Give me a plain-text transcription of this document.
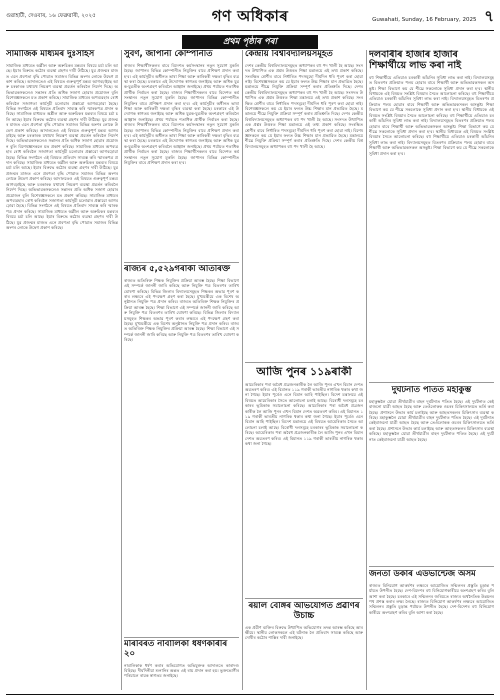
গুৱাহাটী, দেওবাৰ, ১৬ ফেব্ৰুৱাৰী, ২০২৫	গণ অধিকাৰ	Guwahati, Sunday, 16 February, 2025 ৭
প্ৰথম পৃষ্ঠাৰ পৰা
সামাজিক মাধ্যমৰ দুঃসাহস

সামাজিক মাধ্যমত অশ্লীল আৰু অৰুচিকৰ মন্তব্যৰ বিষয়ে চৰ্চা চলি আছে। ইয়াৰ বিৰুদ্ধে কঠোৰ ব্যৱস্থা গ্ৰহণৰ দাবী উঠিছে। যুৱ প্ৰজন্মৰ মাজত এনে প্ৰবণতা বৃদ্ধি পোৱাত সমাজৰ বিভিন্ন অংশৰ লোকে উদ্বেগ প্ৰকাশ কৰিছে। আদালতেও এই বিষয়ত গুৰুত্বপূৰ্ণ মন্তব্য আগবঢ়াইছে আৰু চৰকাৰক যথাযথ নিয়ন্ত্ৰণ ব্যৱস্থা প্ৰৱৰ্তন কৰিবলৈ নিৰ্দেশ দিছে। অভিভাৱকসকলেও সন্তানৰ প্ৰতি অধিক সজাগ হোৱাৰ প্ৰয়োজন বুলি বিশেষজ্ঞসকলে মত প্ৰকাশ কৰিছে। সামাজিক মাধ্যমৰ অপব্যৱহাৰ ৰোধ কৰিবলৈ সজাগতা কাৰ্যসূচী চলোৱাৰ প্ৰস্তাৱো আগবঢ়োৱা হৈছে। বিভিন্ন সংগঠনে এই বিষয়ত প্ৰতিবাদ সাব্যস্ত কৰি স্মাৰকপত্ৰ প্ৰদান কৰিছে। সামাজিক মাধ্যমত অশ্লীল আৰু অৰুচিকৰ মন্তব্যৰ বিষয়ে চৰ্চা চলি আছে। ইয়াৰ বিৰুদ্ধে কঠোৰ ব্যৱস্থা গ্ৰহণৰ দাবী উঠিছে। যুৱ প্ৰজন্মৰ মাজত এনে প্ৰবণতা বৃদ্ধি পোৱাত সমাজৰ বিভিন্ন অংশৰ লোকে উদ্বেগ প্ৰকাশ কৰিছে। আদালতেও এই বিষয়ত গুৰুত্বপূৰ্ণ মন্তব্য আগবঢ়াইছে আৰু চৰকাৰক যথাযথ নিয়ন্ত্ৰণ ব্যৱস্থা প্ৰৱৰ্তন কৰিবলৈ নিৰ্দেশ দিছে। অভিভাৱকসকলেও সন্তানৰ প্ৰতি অধিক সজাগ হোৱাৰ প্ৰয়োজন বুলি বিশেষজ্ঞসকলে মত প্ৰকাশ কৰিছে। সামাজিক মাধ্যমৰ অপব্যৱহাৰ ৰোধ কৰিবলৈ সজাগতা কাৰ্যসূচী চলোৱাৰ প্ৰস্তাৱো আগবঢ়োৱা হৈছে। বিভিন্ন সংগঠনে এই বিষয়ত প্ৰতিবাদ সাব্যস্ত কৰি স্মাৰকপত্ৰ প্ৰদান কৰিছে। সামাজিক মাধ্যমত অশ্লীল আৰু অৰুচিকৰ মন্তব্যৰ বিষয়ে চৰ্চা চলি আছে। ইয়াৰ বিৰুদ্ধে কঠোৰ ব্যৱস্থা গ্ৰহণৰ দাবী উঠিছে। যুৱ প্ৰজন্মৰ মাজত এনে প্ৰবণতা বৃদ্ধি পোৱাত সমাজৰ বিভিন্ন অংশৰ লোকে উদ্বেগ প্ৰকাশ কৰিছে। আদালতেও এই বিষয়ত গুৰুত্বপূৰ্ণ মন্তব্য আগবঢ়াইছে আৰু চৰকাৰক যথাযথ নিয়ন্ত্ৰণ ব্যৱস্থা প্ৰৱৰ্তন কৰিবলৈ নিৰ্দেশ দিছে। অভিভাৱকসকলেও সন্তানৰ প্ৰতি অধিক সজাগ হোৱাৰ প্ৰয়োজন বুলি বিশেষজ্ঞসকলে মত প্ৰকাশ কৰিছে। সামাজিক মাধ্যমৰ অপব্যৱহাৰ ৰোধ কৰিবলৈ সজাগতা কাৰ্যসূচী চলোৱাৰ প্ৰস্তাৱো আগবঢ়োৱা হৈছে। বিভিন্ন সংগঠনে এই বিষয়ত প্ৰতিবাদ সাব্যস্ত কৰি স্মাৰকপত্ৰ প্ৰদান কৰিছে। সামাজিক মাধ্যমত অশ্লীল আৰু অৰুচিকৰ মন্তব্যৰ বিষয়ে চৰ্চা চলি আছে। ইয়াৰ বিৰুদ্ধে কঠোৰ ব্যৱস্থা গ্ৰহণৰ দাবী উঠিছে। যুৱ প্ৰজন্মৰ মাজত এনে প্ৰবণতা বৃদ্ধি পোৱাত সমাজৰ বিভিন্ন অংশৰ লোকে উদ্বেগ প্ৰকাশ কৰিছে।

সুবৰ্ণ, জাপানী কোম্পানীত

ৰাজ্যৰ শিক্ষাৰ্থীসকলৰ বাবে বিদেশত কৰ্মসংস্থানৰ নতুন সুযোগ মুকলি হৈছে। জাপানৰ বিভিন্ন কোম্পানীত নিযুক্তিৰ বাবে প্ৰশিক্ষণ প্ৰদান কৰা হ'ব। এই কাৰ্যসূচীৰ অধীনত ভাষা শিক্ষা আৰু কাৰিকৰী দক্ষতা বৃদ্ধিৰ ব্যৱস্থা কৰা হৈছে। চৰকাৰে এই উদ্যোগক স্বাগতম জনাইছে আৰু অধিক যুৱক-যুৱতীক অংশগ্ৰহণ কৰিবলৈ আহ্বান জনাইছে। প্ৰথম পৰ্যায়ত শতাধিক প্ৰাৰ্থীক নিৰ্বাচন কৰা হৈছে। ৰাজ্যৰ শিক্ষাৰ্থীসকলৰ বাবে বিদেশত কৰ্মসংস্থানৰ নতুন সুযোগ মুকলি হৈছে। জাপানৰ বিভিন্ন কোম্পানীত নিযুক্তিৰ বাবে প্ৰশিক্ষণ প্ৰদান কৰা হ'ব। এই কাৰ্যসূচীৰ অধীনত ভাষা শিক্ষা আৰু কাৰিকৰী দক্ষতা বৃদ্ধিৰ ব্যৱস্থা কৰা হৈছে। চৰকাৰে এই উদ্যোগক স্বাগতম জনাইছে আৰু অধিক যুৱক-যুৱতীক অংশগ্ৰহণ কৰিবলৈ আহ্বান জনাইছে। প্ৰথম পৰ্যায়ত শতাধিক প্ৰাৰ্থীক নিৰ্বাচন কৰা হৈছে। ৰাজ্যৰ শিক্ষাৰ্থীসকলৰ বাবে বিদেশত কৰ্মসংস্থানৰ নতুন সুযোগ মুকলি হৈছে। জাপানৰ বিভিন্ন কোম্পানীত নিযুক্তিৰ বাবে প্ৰশিক্ষণ প্ৰদান কৰা হ'ব। এই কাৰ্যসূচীৰ অধীনত ভাষা শিক্ষা আৰু কাৰিকৰী দক্ষতা বৃদ্ধিৰ ব্যৱস্থা কৰা হৈছে। চৰকাৰে এই উদ্যোগক স্বাগতম জনাইছে আৰু অধিক যুৱক-যুৱতীক অংশগ্ৰহণ কৰিবলৈ আহ্বান জনাইছে। প্ৰথম পৰ্যায়ত শতাধিক প্ৰাৰ্থীক নিৰ্বাচন কৰা হৈছে। ৰাজ্যৰ শিক্ষাৰ্থীসকলৰ বাবে বিদেশত কৰ্মসংস্থানৰ নতুন সুযোগ মুকলি হৈছে। জাপানৰ বিভিন্ন কোম্পানীত নিযুক্তিৰ বাবে প্ৰশিক্ষণ প্ৰদান কৰা হ'ব।

ৰাজ্যৰ ৫,৫২৯গৰাকী অতিৰিক্ত

ৰাজ্যত অতিৰিক্ত শিক্ষক নিযুক্তিৰ প্ৰক্ৰিয়া আৰম্ভ হৈছে। শিক্ষা বিভাগে এই সম্পৰ্কে জাননী জাৰি কৰিছে আৰু নিযুক্তি পত্ৰ বিতৰণৰ তাৰিখ ঘোষণা কৰিছে। বিভিন্ন জিলাৰ বিদ্যালয়সমূহত শিক্ষকৰ অভাৱ পূৰণ কৰাৰ লক্ষ্যৰে এই পদক্ষেপ গ্ৰহণ কৰা হৈছে। মুখ্যমন্ত্ৰীয়ে এক বিশেষ অনুষ্ঠানত নিযুক্তি পত্ৰ প্ৰদান কৰিব। ৰাজ্যত অতিৰিক্ত শিক্ষক নিযুক্তিৰ প্ৰক্ৰিয়া আৰম্ভ হৈছে। শিক্ষা বিভাগে এই সম্পৰ্কে জাননী জাৰি কৰিছে আৰু নিযুক্তি পত্ৰ বিতৰণৰ তাৰিখ ঘোষণা কৰিছে। বিভিন্ন জিলাৰ বিদ্যালয়সমূহত শিক্ষকৰ অভাৱ পূৰণ কৰাৰ লক্ষ্যৰে এই পদক্ষেপ গ্ৰহণ কৰা হৈছে। মুখ্যমন্ত্ৰীয়ে এক বিশেষ অনুষ্ঠানত নিযুক্তি পত্ৰ প্ৰদান কৰিব। ৰাজ্যত অতিৰিক্ত শিক্ষক নিযুক্তিৰ প্ৰক্ৰিয়া আৰম্ভ হৈছে। শিক্ষা বিভাগে এই সম্পৰ্কে জাননী জাৰি কৰিছে আৰু নিযুক্তি পত্ৰ বিতৰণৰ তাৰিখ ঘোষণা কৰিছে।

মৰিবিৰত নাবালিকা ধৰ্ষণকাৰীৰ ২০

নাবালিকাক ধৰ্ষণ কৰাৰ অভিযোগত অভিযুক্তক আদালতে কাৰাদণ্ড বিহিছে। দীৰ্ঘদিনীয়া শুনানিৰ অন্তত এই ৰায় প্ৰদান কৰা হয়। ভুক্তভোগীৰ পৰিয়ালে ৰায়ক স্বাগতম জনাইছে।

কেন্দ্ৰীয় বিশ্ববিদ্যালয়সমূহত

দেশৰ কেন্দ্ৰীয় বিশ্ববিদ্যালয়সমূহত অধ্যাপকৰ বহু পদ খালী হৈ আছে। সংসদত উত্থাপিত এক প্ৰশ্নৰ উত্তৰত শিক্ষা মন্ত্ৰালয়ে এই তথ্য প্ৰকাশ কৰিছে। সংৰক্ষিত শ্ৰেণীৰ বাবে নিৰ্ধাৰিত পদসমূহো দীৰ্ঘদিন ধৰি পূৰণ কৰা হোৱা নাই। বিশেষজ্ঞসকলে কয় যে ইয়াৰ ফলত উচ্চ শিক্ষাৰ মান প্ৰভাৱিত হৈছে। মন্ত্ৰালয়ে শীঘ্ৰে নিযুক্তি প্ৰক্ৰিয়া সম্পূৰ্ণ কৰাৰ প্ৰতিশ্ৰুতি দিছে। দেশৰ কেন্দ্ৰীয় বিশ্ববিদ্যালয়সমূহত অধ্যাপকৰ বহু পদ খালী হৈ আছে। সংসদত উত্থাপিত এক প্ৰশ্নৰ উত্তৰত শিক্ষা মন্ত্ৰালয়ে এই তথ্য প্ৰকাশ কৰিছে। সংৰক্ষিত শ্ৰেণীৰ বাবে নিৰ্ধাৰিত পদসমূহো দীৰ্ঘদিন ধৰি পূৰণ কৰা হোৱা নাই। বিশেষজ্ঞসকলে কয় যে ইয়াৰ ফলত উচ্চ শিক্ষাৰ মান প্ৰভাৱিত হৈছে। মন্ত্ৰালয়ে শীঘ্ৰে নিযুক্তি প্ৰক্ৰিয়া সম্পূৰ্ণ কৰাৰ প্ৰতিশ্ৰুতি দিছে। দেশৰ কেন্দ্ৰীয় বিশ্ববিদ্যালয়সমূহত অধ্যাপকৰ বহু পদ খালী হৈ আছে। সংসদত উত্থাপিত এক প্ৰশ্নৰ উত্তৰত শিক্ষা মন্ত্ৰালয়ে এই তথ্য প্ৰকাশ কৰিছে। সংৰক্ষিত শ্ৰেণীৰ বাবে নিৰ্ধাৰিত পদসমূহো দীৰ্ঘদিন ধৰি পূৰণ কৰা হোৱা নাই। বিশেষজ্ঞসকলে কয় যে ইয়াৰ ফলত উচ্চ শিক্ষাৰ মান প্ৰভাৱিত হৈছে। মন্ত্ৰালয়ে শীঘ্ৰে নিযুক্তি প্ৰক্ৰিয়া সম্পূৰ্ণ কৰাৰ প্ৰতিশ্ৰুতি দিছে। দেশৰ কেন্দ্ৰীয় বিশ্ববিদ্যালয়সমূহত অধ্যাপকৰ বহু পদ খালী হৈ আছে।

আজি পুনৰ ১১৯ৰাকী

আমেৰিকাৰ পৰা অবৈধ প্ৰব্ৰজনকাৰীক লৈ আজি পুনৰ এখন বিমান দেশত অৱতৰণ কৰিব। এই বিমানত ১১৯ গৰাকী ভাৰতীয় নাগৰিক থকাৰ কথা জনা গৈছে। ইয়াৰ পূৰ্বেও এনে বিমান আহি পাইছিল। বিদেশ মন্ত্ৰালয়ে এই বিষয়ত আমেৰিকাৰ সৈতে আলোচনা চলাই আছে। বিৰোধী দলসমূহে চৰকাৰৰ ভূমিকাক সমালোচনা কৰিছে। আমেৰিকাৰ পৰা অবৈধ প্ৰব্ৰজনকাৰীক লৈ আজি পুনৰ এখন বিমান দেশত অৱতৰণ কৰিব। এই বিমানত ১১৯ গৰাকী ভাৰতীয় নাগৰিক থকাৰ কথা জনা গৈছে। ইয়াৰ পূৰ্বেও এনে বিমান আহি পাইছিল। বিদেশ মন্ত্ৰালয়ে এই বিষয়ত আমেৰিকাৰ সৈতে আলোচনা চলাই আছে। বিৰোধী দলসমূহে চৰকাৰৰ ভূমিকাক সমালোচনা কৰিছে। আমেৰিকাৰ পৰা অবৈধ প্ৰব্ৰজনকাৰীক লৈ আজি পুনৰ এখন বিমান দেশত অৱতৰণ কৰিব। এই বিমানত ১১৯ গৰাকী ভাৰতীয় নাগৰিক থকাৰ কথা জনা গৈছে।

ৰয়াল বেঙ্গিৰ অভিযোগত প্ৰৱীণৰ উচাচ্চ

এক প্ৰৱীণ ব্যক্তিৰ বিৰুদ্ধে উত্থাপিত অভিযোগৰ তদন্ত আৰম্ভ কৰিছে আৰক্ষীয়ে। স্থানীয় লোকসকলে এই ঘটনাক লৈ প্ৰতিবাদ সাব্যস্ত কৰিছে আৰু দোষীৰ কঠোৰ শাস্তিৰ দাবী জনাইছে।

দলবাৰীৰ হাজাৰ হাজাৰ শিক্ষাৰ্থীয়ে লাভ কৰা নাই

বহু শিক্ষাৰ্থীয়ে এতিয়াও চৰকাৰী আঁচনিৰ সুবিধা লাভ কৰা নাই। বিদ্যালয়সমূহত বিতৰণৰ প্ৰক্ৰিয়াত পলম হোৱাৰ বাবে শিক্ষাৰ্থী আৰু অভিভাৱকসকল অসন্তুষ্ট। শিক্ষা বিভাগে কয় যে শীঘ্ৰে সকলোকে সুবিধা প্ৰদান কৰা হ'ব। স্থানীয় বিধায়কে এই বিষয়ত সংশ্লিষ্ট বিষয়াৰ সৈতে আলোচনা কৰিছে। বহু শিক্ষাৰ্থীয়ে এতিয়াও চৰকাৰী আঁচনিৰ সুবিধা লাভ কৰা নাই। বিদ্যালয়সমূহত বিতৰণৰ প্ৰক্ৰিয়াত পলম হোৱাৰ বাবে শিক্ষাৰ্থী আৰু অভিভাৱকসকল অসন্তুষ্ট। শিক্ষা বিভাগে কয় যে শীঘ্ৰে সকলোকে সুবিধা প্ৰদান কৰা হ'ব। স্থানীয় বিধায়কে এই বিষয়ত সংশ্লিষ্ট বিষয়াৰ সৈতে আলোচনা কৰিছে। বহু শিক্ষাৰ্থীয়ে এতিয়াও চৰকাৰী আঁচনিৰ সুবিধা লাভ কৰা নাই। বিদ্যালয়সমূহত বিতৰণৰ প্ৰক্ৰিয়াত পলম হোৱাৰ বাবে শিক্ষাৰ্থী আৰু অভিভাৱকসকল অসন্তুষ্ট। শিক্ষা বিভাগে কয় যে শীঘ্ৰে সকলোকে সুবিধা প্ৰদান কৰা হ'ব। স্থানীয় বিধায়কে এই বিষয়ত সংশ্লিষ্ট বিষয়াৰ সৈতে আলোচনা কৰিছে। বহু শিক্ষাৰ্থীয়ে এতিয়াও চৰকাৰী আঁচনিৰ সুবিধা লাভ কৰা নাই। বিদ্যালয়সমূহত বিতৰণৰ প্ৰক্ৰিয়াত পলম হোৱাৰ বাবে শিক্ষাৰ্থী আৰু অভিভাৱকসকল অসন্তুষ্ট। শিক্ষা বিভাগে কয় যে শীঘ্ৰে সকলোকে সুবিধা প্ৰদান কৰা হ'ব।

দুৰ্ঘটনাত পতিত মহাকুম্ভ

মহাকুম্ভলৈ যোৱা তীৰ্থযাত্ৰীৰ বাহন দুৰ্ঘটনাত পতিত হৈছে। এই দুৰ্ঘটনাত কেইবাজনো যাত্ৰী আহত হৈছে আৰু তেওঁলোকক ওচৰৰ চিকিৎসালয়ত ভৰ্তি কৰা হৈছে। প্ৰশাসনে উদ্ধাৰ কাৰ্য চলাইছে আৰু আহতসকলৰ চিকিৎসাৰ ব্যৱস্থা কৰিছে। মহাকুম্ভলৈ যোৱা তীৰ্থযাত্ৰীৰ বাহন দুৰ্ঘটনাত পতিত হৈছে। এই দুৰ্ঘটনাত কেইবাজনো যাত্ৰী আহত হৈছে আৰু তেওঁলোকক ওচৰৰ চিকিৎসালয়ত ভৰ্তি কৰা হৈছে। প্ৰশাসনে উদ্ধাৰ কাৰ্য চলাইছে আৰু আহতসকলৰ চিকিৎসাৰ ব্যৱস্থা কৰিছে। মহাকুম্ভলৈ যোৱা তীৰ্থযাত্ৰীৰ বাহন দুৰ্ঘটনাত পতিত হৈছে। এই দুৰ্ঘটনাত কেইবাজনো যাত্ৰী আহত হৈছে।

জনতা ডকাৰ এডভান্টেজ অসম

ৰাজ্যত বিনিয়োগ আকৰ্ষণৰ লক্ষ্যৰে আয়োজিত সন্মিলনৰ প্ৰস্তুতি চূড়ান্ত পৰ্যায়ত উপনীত হৈছে। দেশ-বিদেশৰ বহু বিনিয়োগকাৰীয়ে অংশগ্ৰহণ কৰিব বুলি আশা কৰা হৈছে। চৰকাৰে এই সন্মিলনৰ জৰিয়তে ৰাজ্যৰ অৰ্থনৈতিক উন্নয়নৰ পথ প্ৰশস্ত কৰাৰ লক্ষ্য লৈছে। ৰাজ্যত বিনিয়োগ আকৰ্ষণৰ লক্ষ্যৰে আয়োজিত সন্মিলনৰ প্ৰস্তুতি চূড়ান্ত পৰ্যায়ত উপনীত হৈছে। দেশ-বিদেশৰ বহু বিনিয়োগকাৰীয়ে অংশগ্ৰহণ কৰিব বুলি আশা কৰা হৈছে।
